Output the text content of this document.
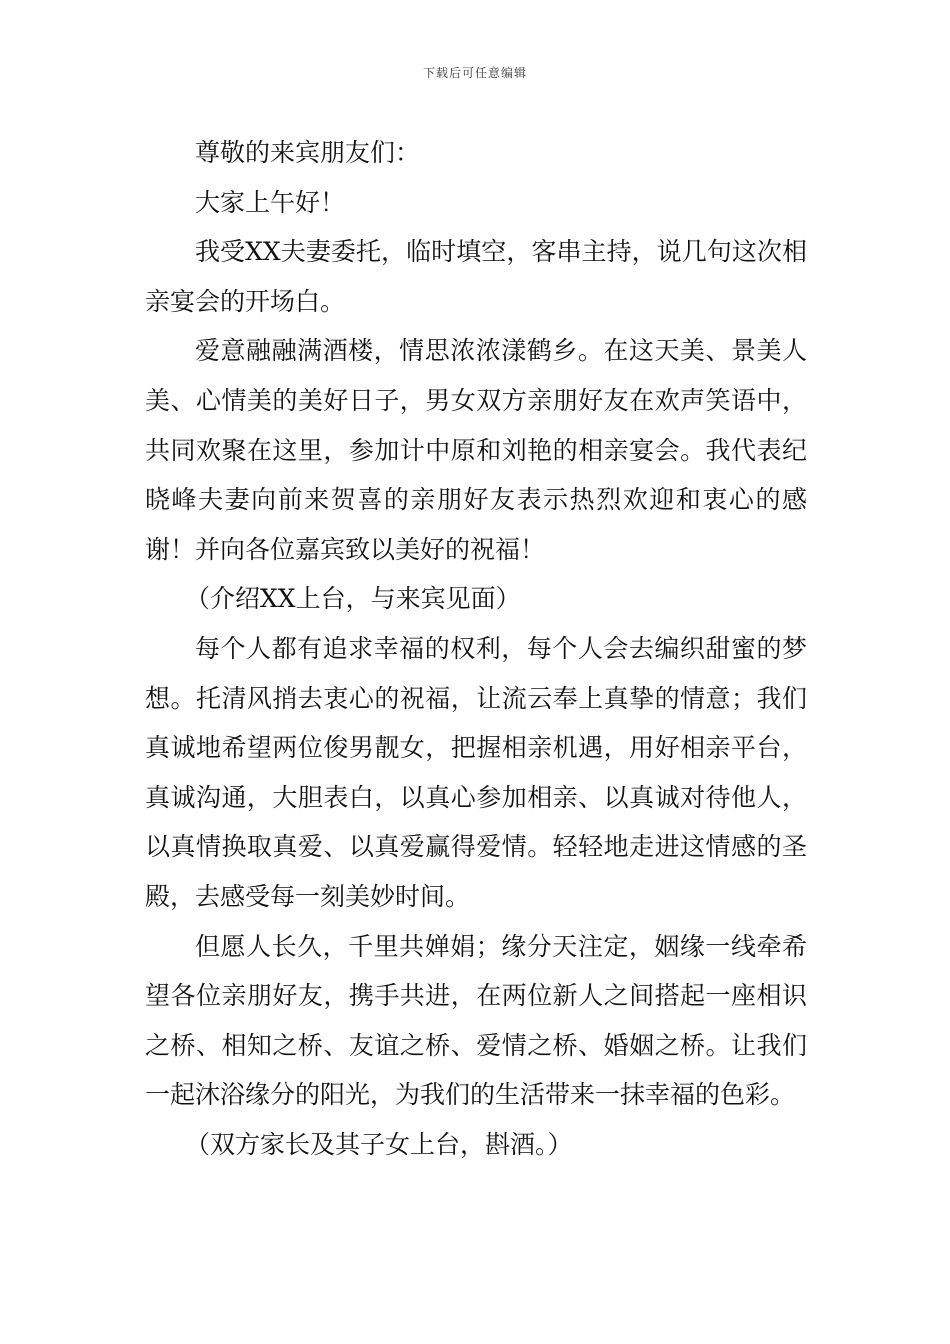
下载后可任意编辑

尊敬的来宾朋友们：

大家上午好！

我受XX夫妻委托，临时填空，客串主持，说几句这次相亲宴会的开场白。

爱意融融满酒楼，情思浓浓漾鹤乡。在这天美、景美人美、心情美的美好日子，男女双方亲朋好友在欢声笑语中，共同欢聚在这里，参加计中原和刘艳的相亲宴会。我代表纪晓峰夫妻向前来贺喜的亲朋好友表示热烈欢迎和衷心的感谢！并向各位嘉宾致以美好的祝福！

（介绍XX上台，与来宾见面）

每个人都有追求幸福的权利，每个人会去编织甜蜜的梦想。托清风捎去衷心的祝福，让流云奉上真挚的情意；我们真诚地希望两位俊男靓女，把握相亲机遇，用好相亲平台，真诚沟通，大胆表白，以真心参加相亲、以真诚对待他人，以真情换取真爱、以真爱赢得爱情。轻轻地走进这情感的圣殿，去感受每一刻美妙时间。

但愿人长久，千里共婵娟；缘分天注定，姻缘一线牵希望各位亲朋好友，携手共进，在两位新人之间搭起一座相识之桥、相知之桥、友谊之桥、爱情之桥、婚姻之桥。让我们一起沐浴缘分的阳光，为我们的生活带来一抹幸福的色彩。

（双方家长及其子女上台，斟酒。）
